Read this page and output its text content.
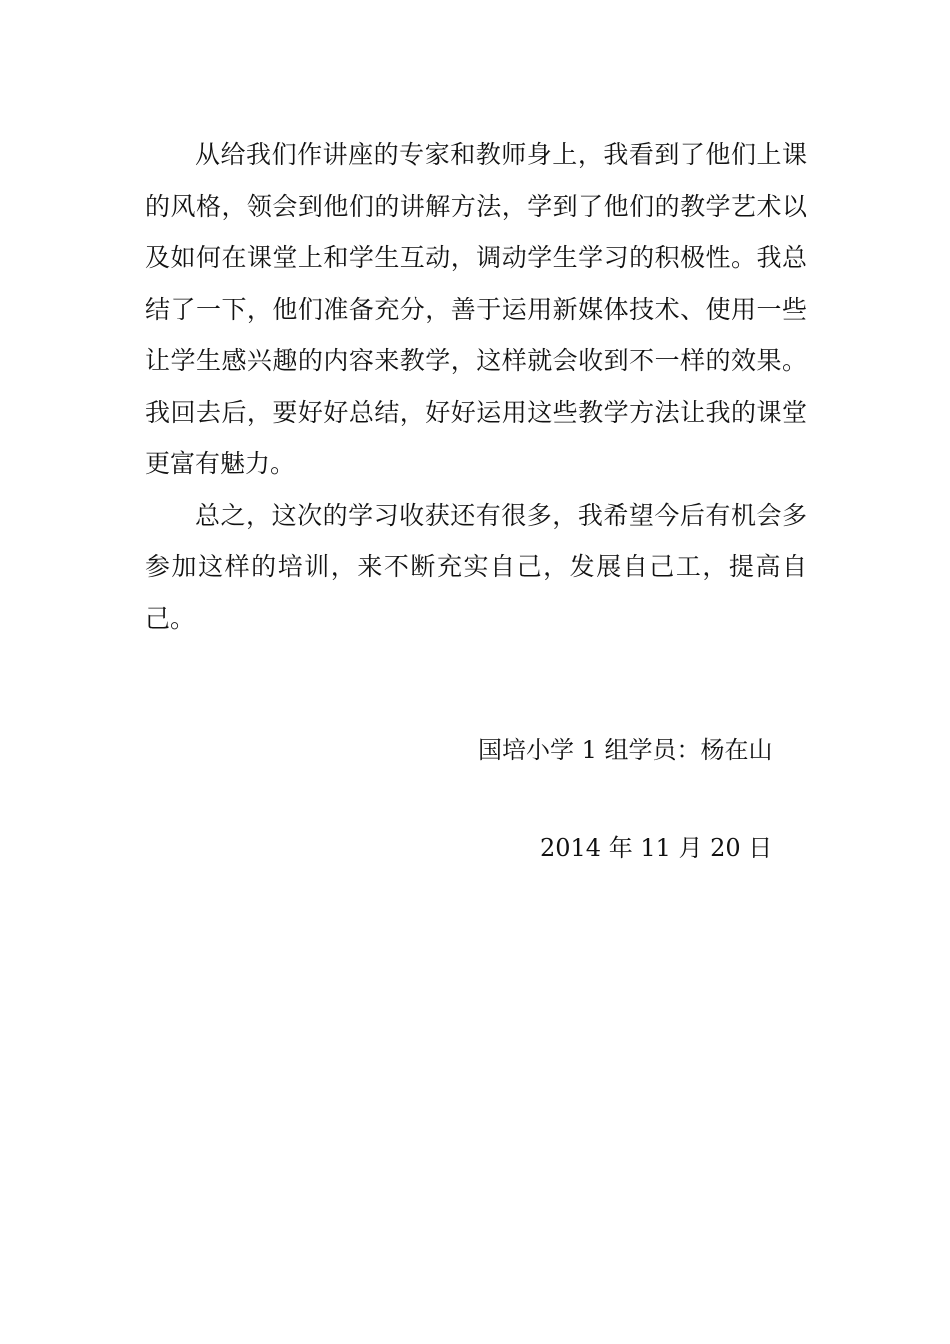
从给我们作讲座的专家和教师身上，我看到了他们上课的风格，领会到他们的讲解方法，学到了他们的教学艺术以及如何在课堂上和学生互动，调动学生学习的积极性。我总结了一下，他们准备充分，善于运用新媒体技术、使用一些让学生感兴趣的内容来教学，这样就会收到不一样的效果。我回去后，要好好总结，好好运用这些教学方法让我的课堂更富有魅力。

总之，这次的学习收获还有很多，我希望今后有机会多参加这样的培训，来不断充实自己，发展自己工，提高自己。

国培小学 1 组学员：杨在山
2014 年 11 月 20 日
